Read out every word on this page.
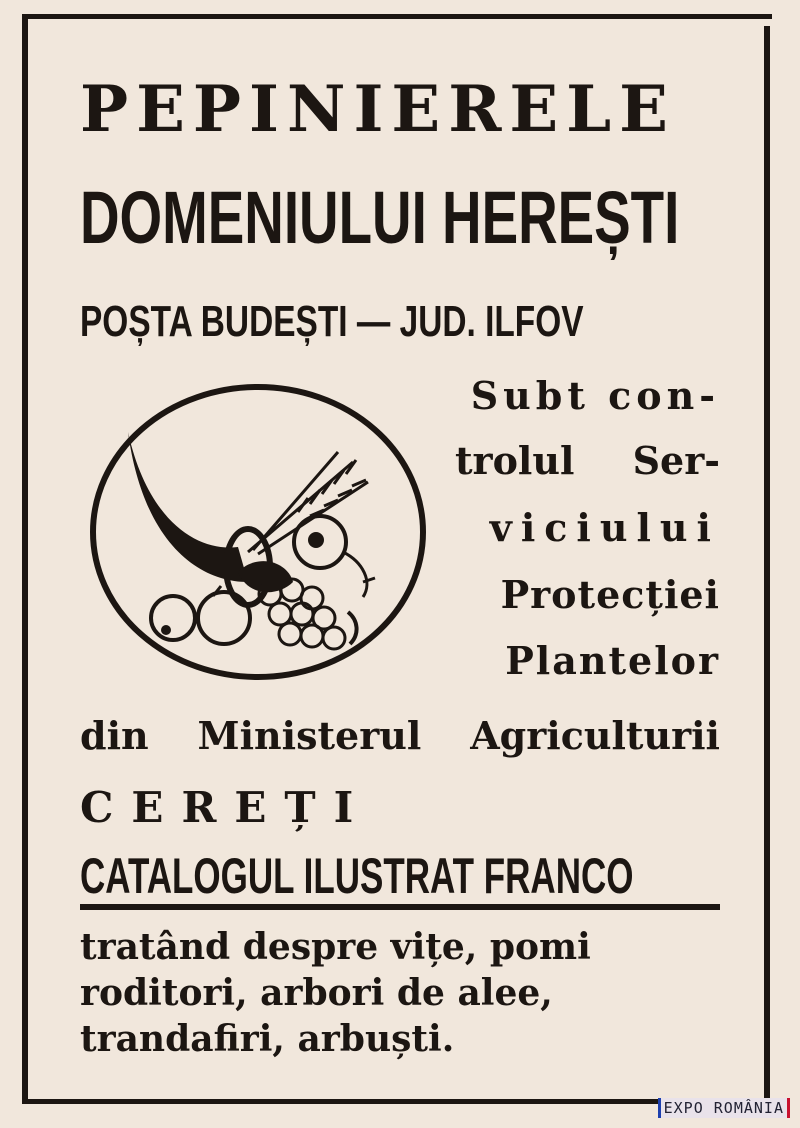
PEPINIERELE
DOMENIULUI HEREȘTI
POȘTA BUDEȘTI — JUD. ILFOV
Subt con-
trolul Ser-
viciului
Protecției
Plantelor
din Ministerul Agriculturii
CEREȚI
CATALOGUL ILUSTRAT FRANCO
tratând despre vițe, pomi
roditori, arbori de alee,
trandafiri, arbuști.
EXPO ROMÂNIA
